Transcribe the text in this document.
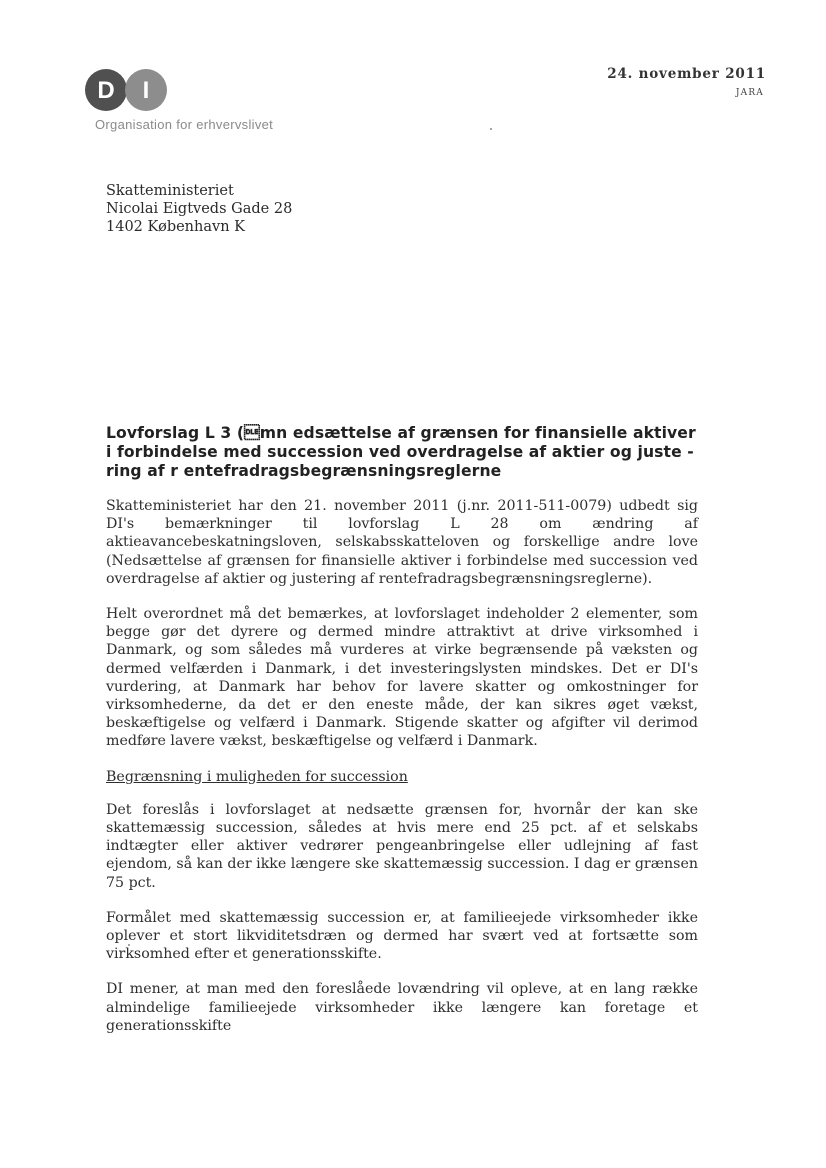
D I
Organisation for erhvervslivet
24. november 2011
JARA
Skatteministeriet
Nicolai Eigtveds Gade 28
1402 København K
Lovforslag L 3 (mn edsættelse af grænsen for finansielle aktiver
i forbindelse med succession ved overdragelse af aktier og juste -
ring af r entefradragsbegrænsningsreglerne

Skatteministeriet har den 21. november 2011 (j.nr. 2011-511-0079) udbedt sig DI's bemærkninger til lovforslag L 28 om ændring af aktieavancebeskatningsloven, selskabsskatteloven og forskellige andre love (Nedsættelse af grænsen for finansielle aktiver i forbindelse med succession ved overdragelse af aktier og justering af rentefradragsbegrænsningsreglerne).

Helt overordnet må det bemærkes, at lovforslaget indeholder 2 elementer, som begge gør det dyrere og dermed mindre attraktivt at drive virksomhed i Danmark, og som således må vurderes at virke begrænsende på væksten og dermed velfærden i Danmark, i det investeringslysten mindskes. Det er DI's vurdering, at Danmark har behov for lavere skatter og omkostninger for virksomhederne, da det er den eneste måde, der kan sikres øget vækst, beskæftigelse og velfærd i Danmark. Stigende skatter og afgifter vil derimod medføre lavere vækst, beskæftigelse og velfærd i Danmark.

Begrænsning i muligheden for succession

Det foreslås i lovforslaget at nedsætte grænsen for, hvornår der kan ske skattemæssig succession, således at hvis mere end 25 pct. af et selskabs indtægter eller aktiver vedrører pengeanbringelse eller udlejning af fast ejendom, så kan der ikke længere ske skattemæssig succession. I dag er grænsen 75 pct.

Formålet med skattemæssig succession er, at familieejede virksomheder ikke oplever et stort likviditetsdræn og dermed har svært ved at fortsætte som virksomhed efter et generationsskifte.

DI mener, at man med den foreslåede lovændring vil opleve, at en lang række almindelige familieejede virksomheder ikke længere kan foretage et generationsskifte
